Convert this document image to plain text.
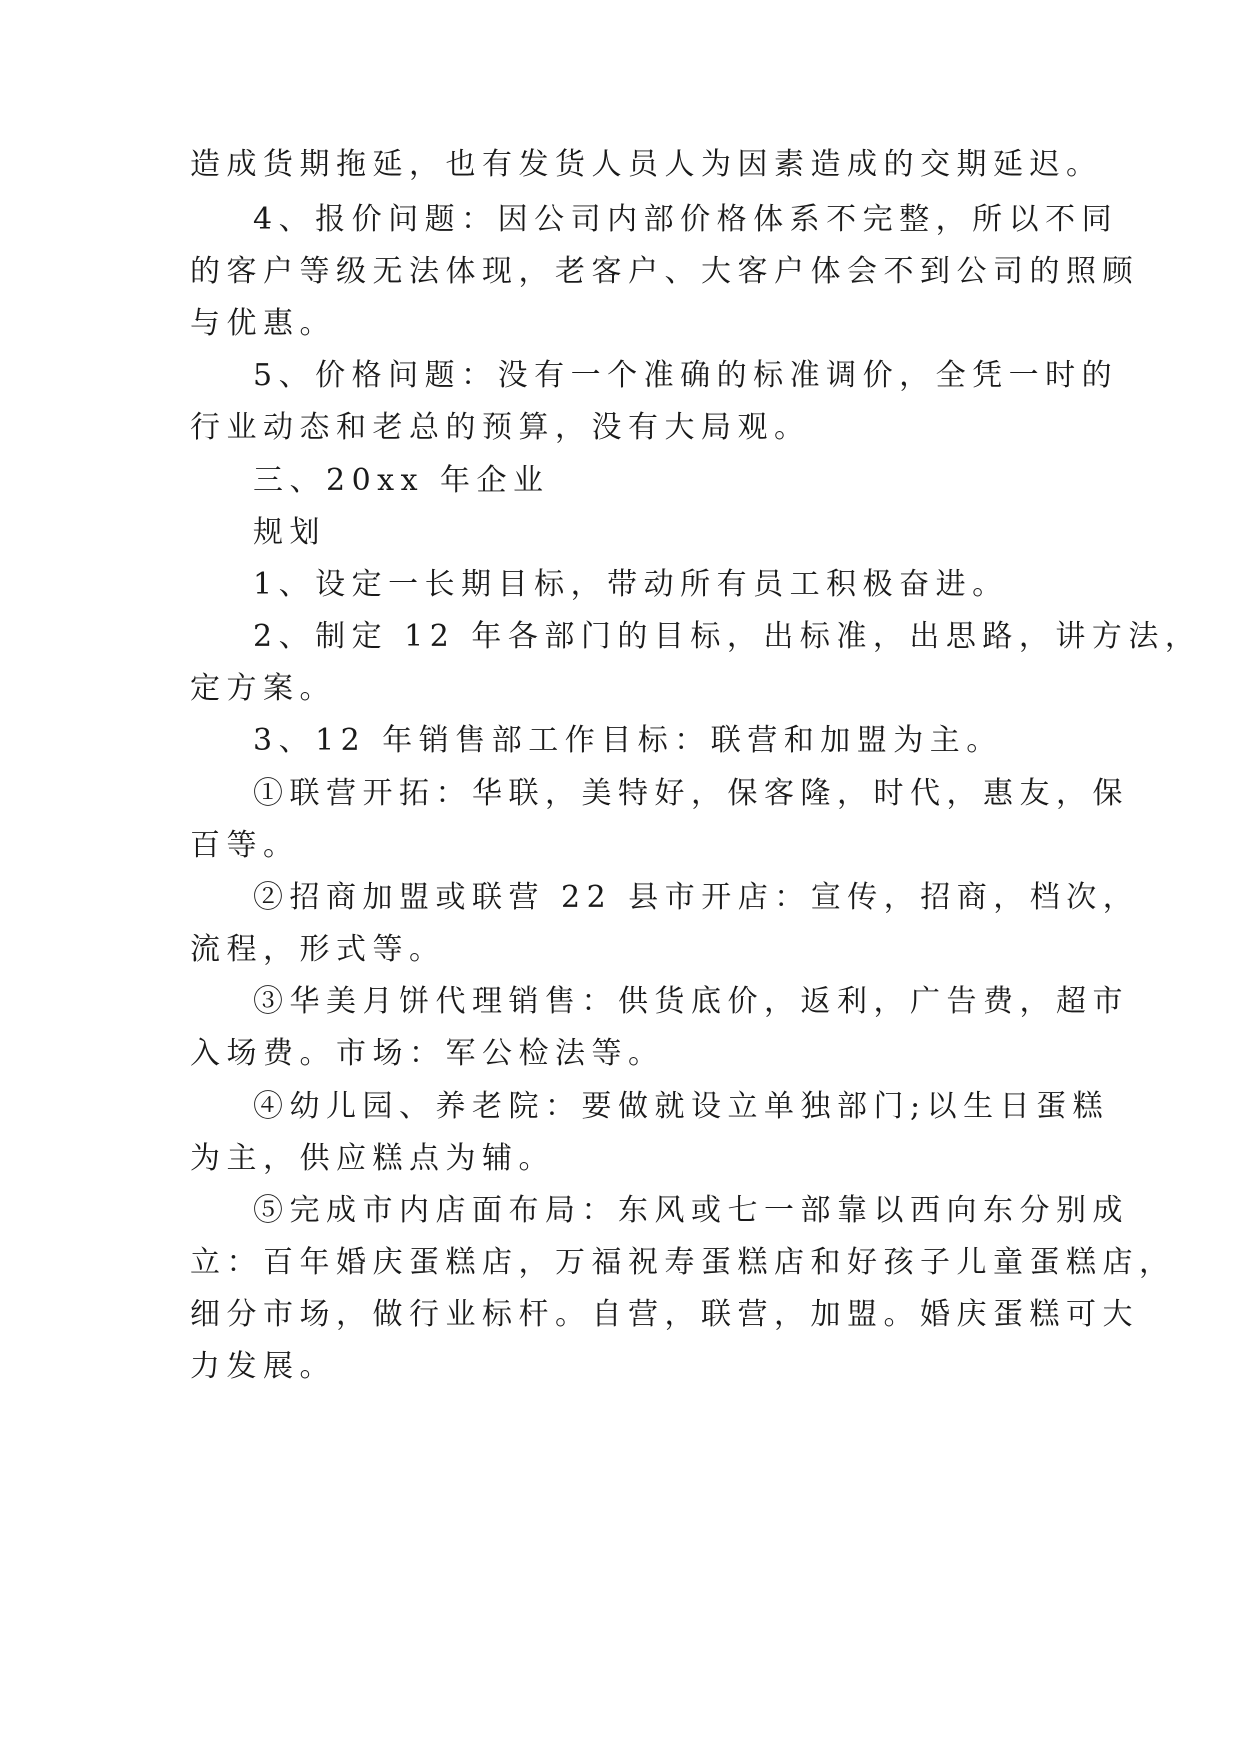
造成货期拖延，也有发货人员人为因素造成的交期延迟。
4、报价问题：因公司内部价格体系不完整，所以不同
的客户等级无法体现，老客户、大客户体会不到公司的照顾
与优惠。
5、价格问题：没有一个准确的标准调价，全凭一时的
行业动态和老总的预算，没有大局观。
三、20xx 年企业
规划
1、设定一长期目标，带动所有员工积极奋进。
2、制定 12 年各部门的目标，出标准，出思路，讲方法，
定方案。
3、12 年销售部工作目标：联营和加盟为主。
①联营开拓：华联，美特好，保客隆，时代，惠友，保
百等。
②招商加盟或联营 22 县市开店：宣传，招商，档次，
流程，形式等。
③华美月饼代理销售：供货底价，返利，广告费，超市
入场费。市场：军公检法等。
④幼儿园、养老院：要做就设立单独部门;以生日蛋糕
为主，供应糕点为辅。
⑤完成市内店面布局：东风或七一部靠以西向东分别成
立：百年婚庆蛋糕店，万福祝寿蛋糕店和好孩子儿童蛋糕店，
细分市场，做行业标杆。自营，联营，加盟。婚庆蛋糕可大
力发展。
